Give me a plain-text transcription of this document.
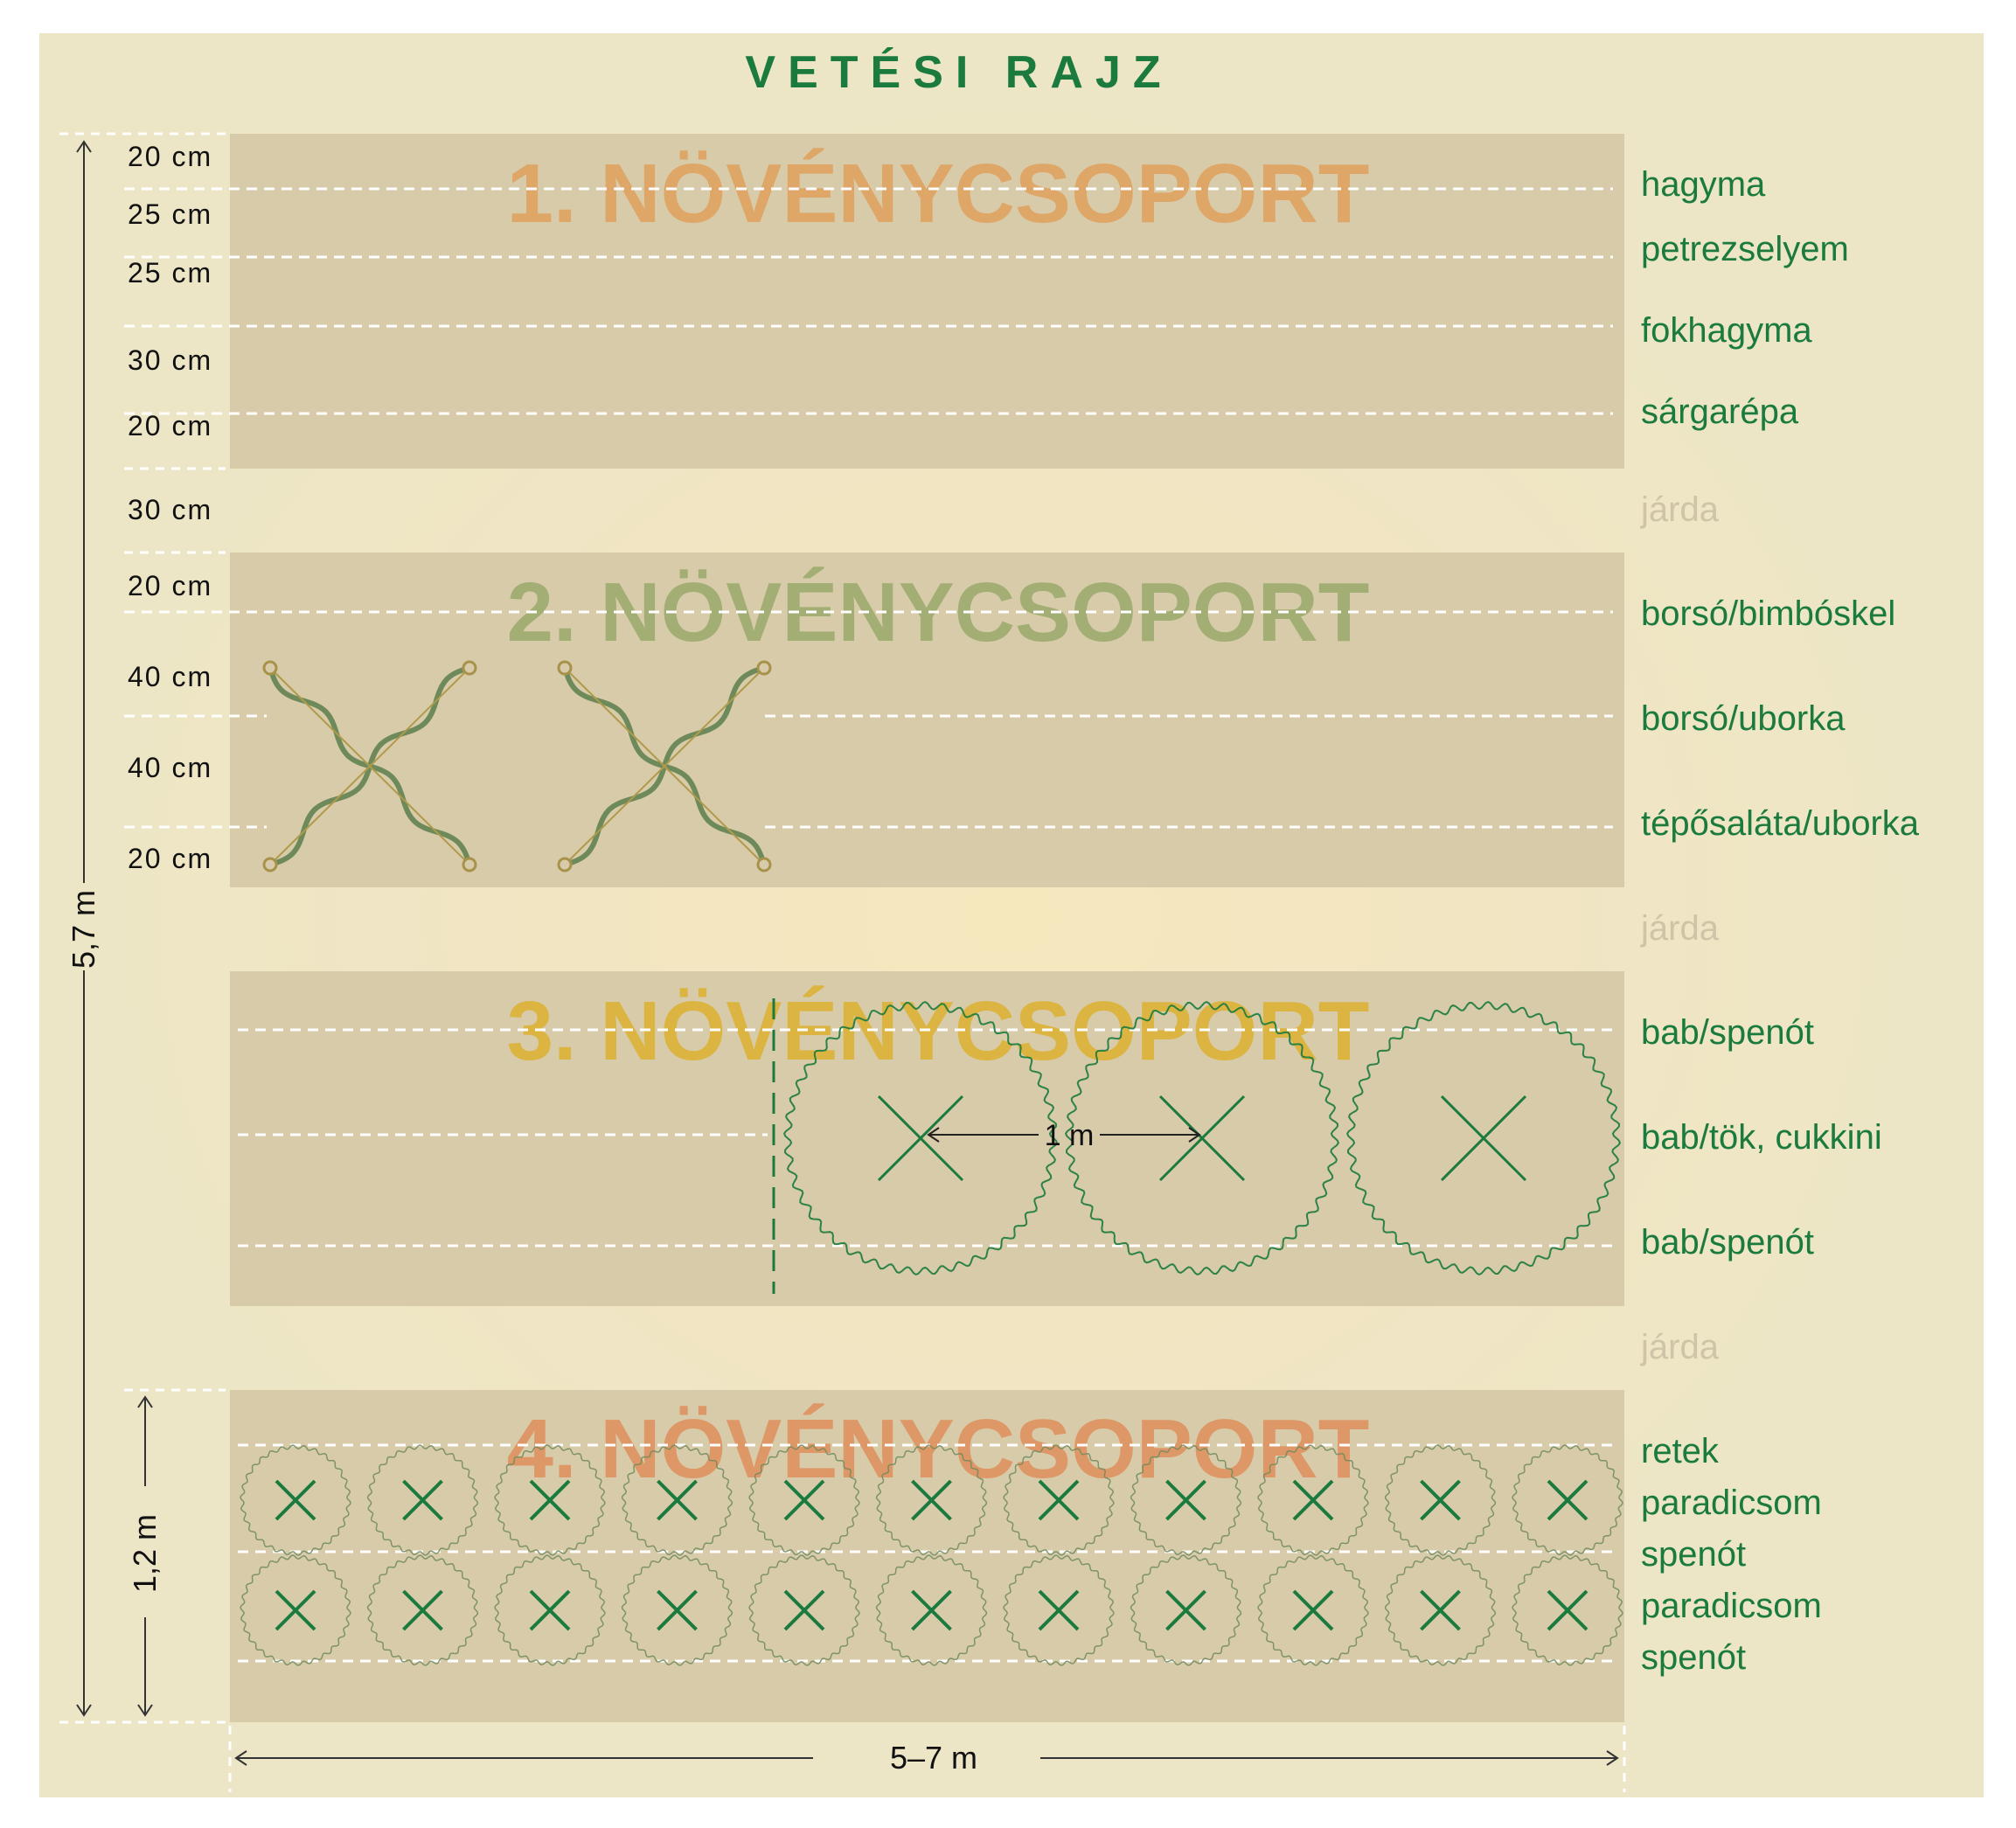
VETÉSI RAJZ
1. NÖVÉNYCSOPORT
2. NÖVÉNYCSOPORT
3. NÖVÉNYCSOPORT
4. NÖVÉNYCSOPORT
hagyma
petrezselyem
fokhagyma
sárgarépa
borsó/bimbóskel
borsó/uborka
tépősaláta/uborka
bab/spenót
bab/tök, cukkini
bab/spenót
retek
paradicsom
spenót
paradicsom
spenót
járda
járda
járda
20 cm
25 cm
25 cm
30 cm
20 cm
30 cm
20 cm
40 cm
40 cm
20 cm
5,7 m
1,2 m
5–7 m
1 m
